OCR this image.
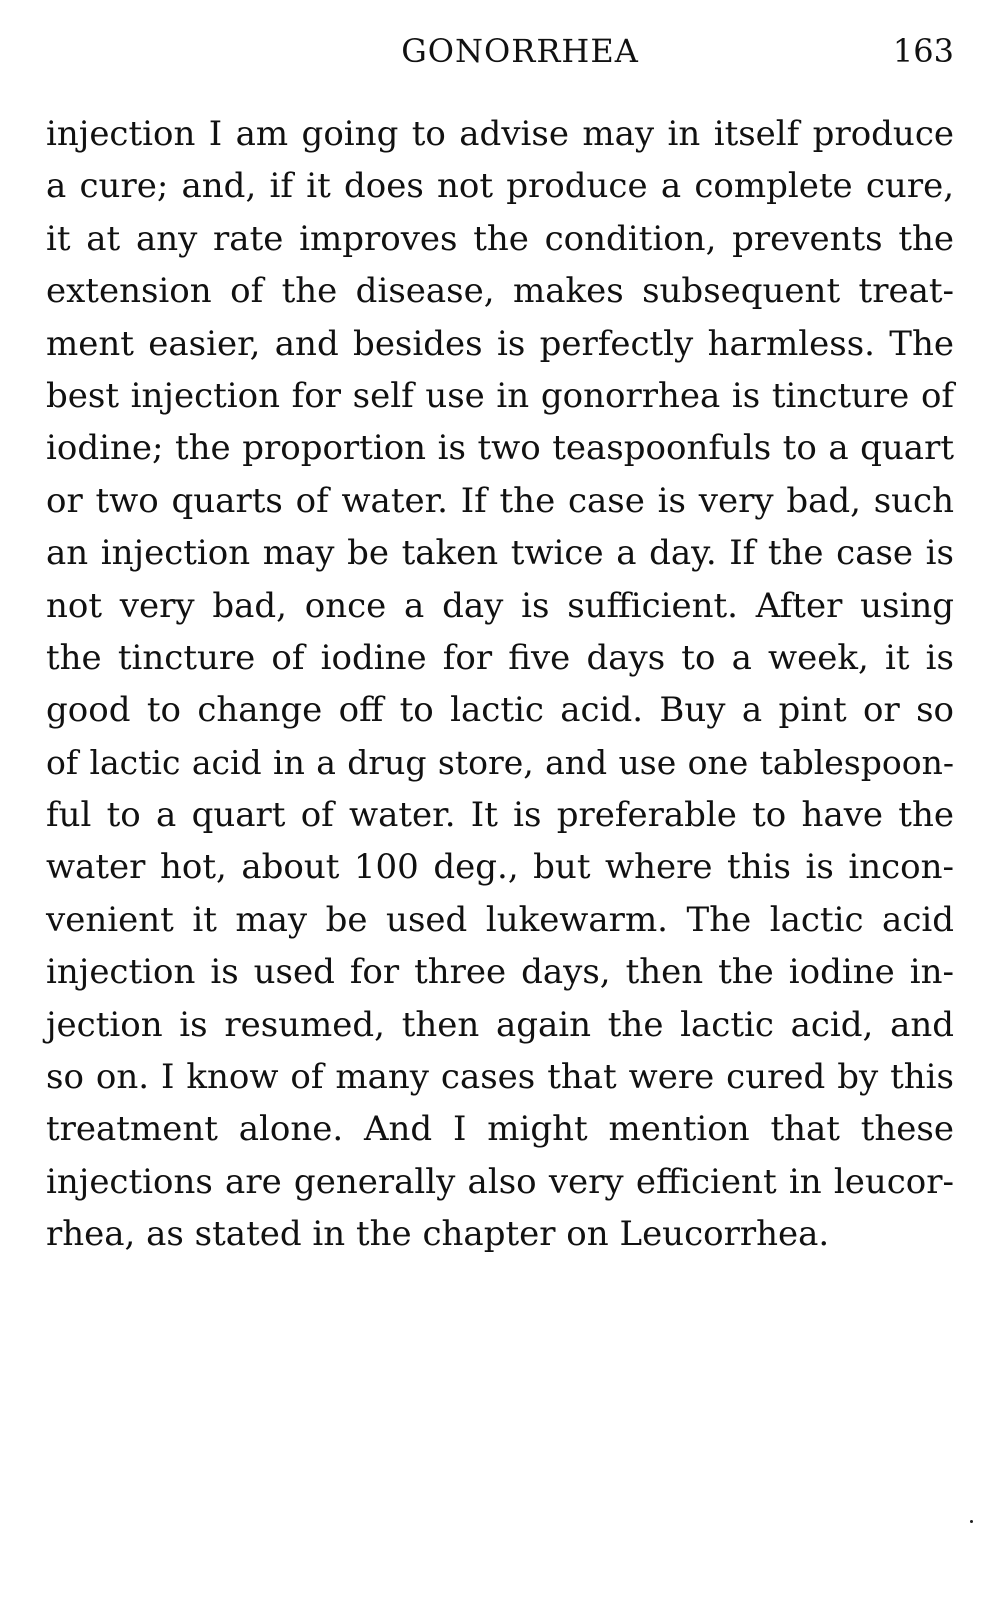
GONORRHEA	163
injection I am going to advise may in itself produce
a cure; and, if it does not produce a complete cure,
it at any rate improves the condition, prevents the
extension of the disease, makes subsequent treat-
ment easier, and besides is perfectly harmless. The
best injection for self use in gonorrhea is tincture of
iodine; the proportion is two teaspoonfuls to a quart
or two quarts of water. If the case is very bad, such
an injection may be taken twice a day. If the case is
not very bad, once a day is sufficient. After using
the tincture of iodine for five days to a week, it is
good to change off to lactic acid. Buy a pint or so
of lactic acid in a drug store, and use one tablespoon-
ful to a quart of water. It is preferable to have the
water hot, about 100 deg., but where this is incon-
venient it may be used lukewarm. The lactic acid
injection is used for three days, then the iodine in-
jection is resumed, then again the lactic acid, and
so on. I know of many cases that were cured by this
treatment alone. And I might mention that these
injections are generally also very efficient in leucor-
rhea, as stated in the chapter on Leucorrhea.
